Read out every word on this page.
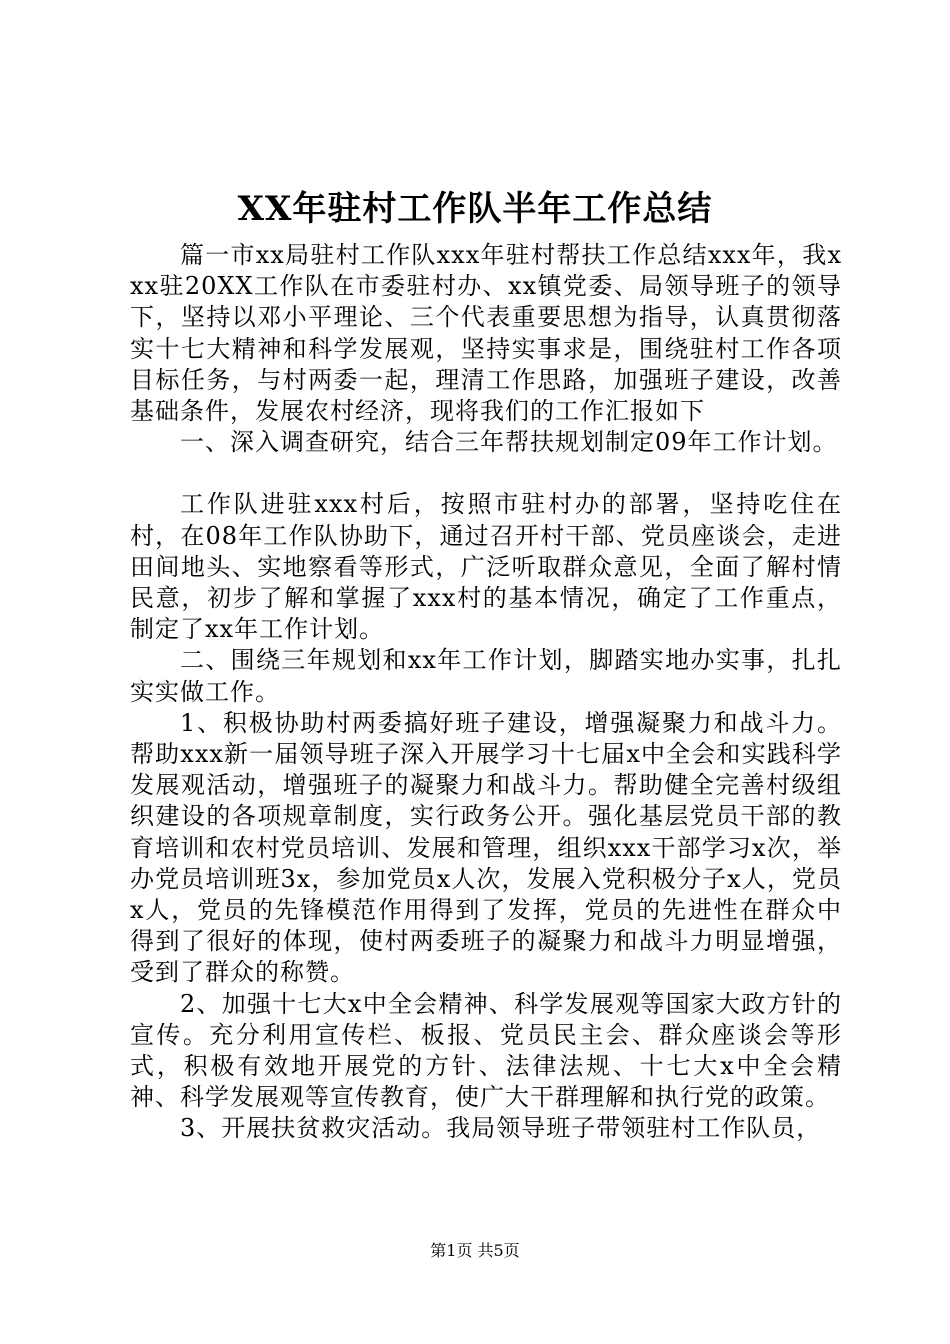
XX年驻村工作队半年工作总结

篇一市xx局驻村工作队xxx年驻村帮扶工作总结xxx年，我xxx驻20XX工作队在市委驻村办、xx镇党委、局领导班子的领导下，坚持以邓小平理论、三个代表重要思想为指导，认真贯彻落实十七大精神和科学发展观，坚持实事求是，围绕驻村工作各项目标任务，与村两委一起，理清工作思路，加强班子建设，改善基础条件，发展农村经济，现将我们的工作汇报如下

一、深入调查研究，结合三年帮扶规划制定09年工作计划。

工作队进驻xxx村后，按照市驻村办的部署，坚持吃住在村，在08年工作队协助下，通过召开村干部、党员座谈会，走进田间地头、实地察看等形式，广泛听取群众意见，全面了解村情民意，初步了解和掌握了xxx村的基本情况，确定了工作重点，制定了xx年工作计划。

二、围绕三年规划和xx年工作计划，脚踏实地办实事，扎扎实实做工作。

1、积极协助村两委搞好班子建设，增强凝聚力和战斗力。帮助xxx新一届领导班子深入开展学习十七届x中全会和实践科学发展观活动，增强班子的凝聚力和战斗力。帮助健全完善村级组织建设的各项规章制度，实行政务公开。强化基层党员干部的教育培训和农村党员培训、发展和管理，组织xxx干部学习x次，举办党员培训班3x，参加党员x人次，发展入党积极分子x人，党员x人，党员的先锋模范作用得到了发挥，党员的先进性在群众中得到了很好的体现，使村两委班子的凝聚力和战斗力明显增强，受到了群众的称赞。

2、加强十七大x中全会精神、科学发展观等国家大政方针的宣传。充分利用宣传栏、板报、党员民主会、群众座谈会等形式，积极有效地开展党的方针、法律法规、十七大x中全会精神、科学发展观等宣传教育，使广大干群理解和执行党的政策。

3、开展扶贫救灾活动。我局领导班子带领驻村工作队员，

第1页 共5页
